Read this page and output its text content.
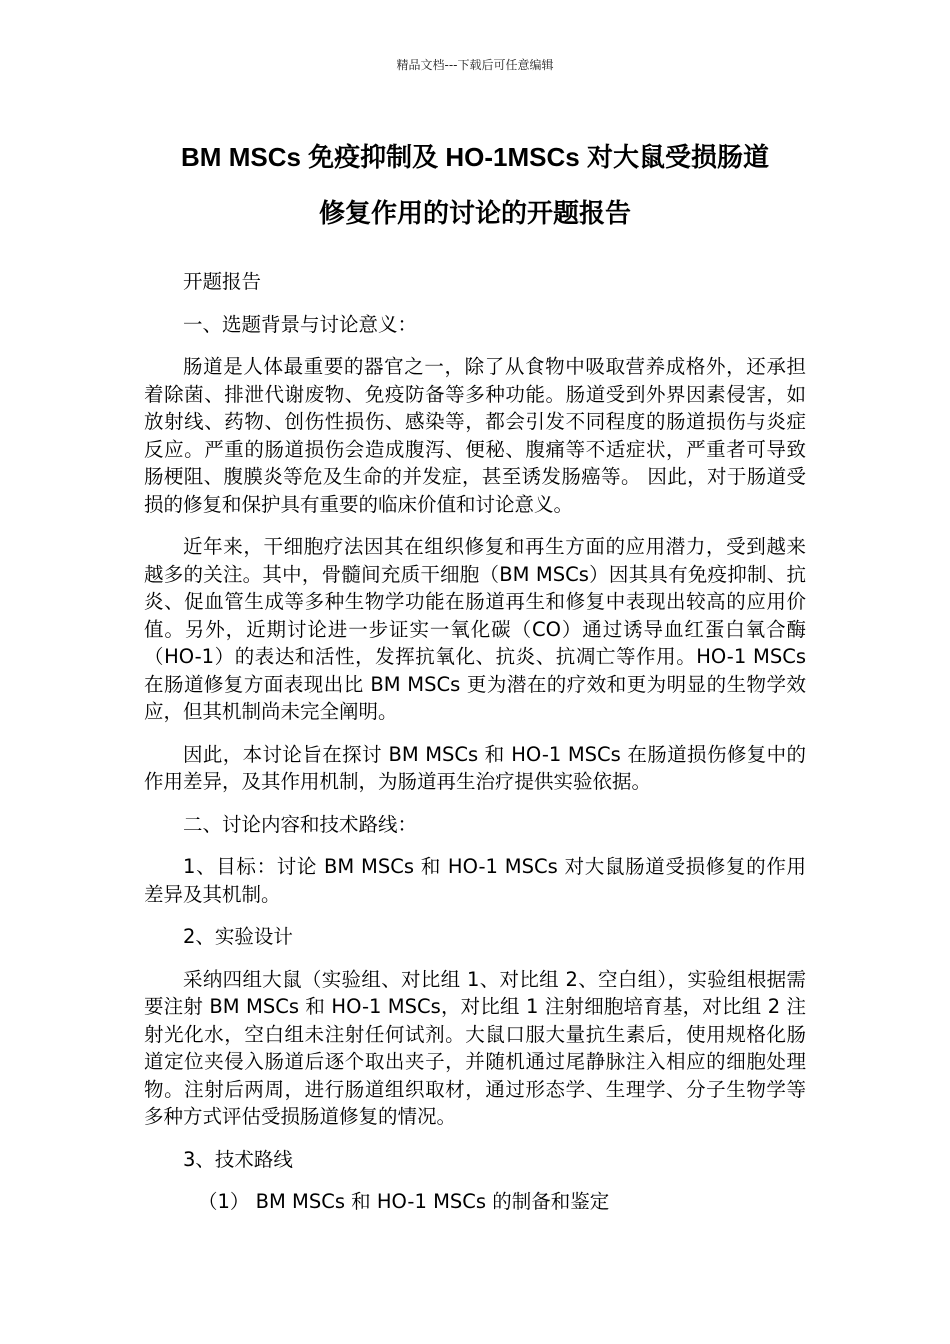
精品文档---下载后可任意编辑
BM MSCs 免疫抑制及 HO-1MSCs 对大鼠受损肠道
修复作用的讨论的开题报告

开题报告

一、选题背景与讨论意义：

肠道是人体最重要的器官之一，除了从食物中吸取营养成格外，还承担着除菌、排泄代谢废物、免疫防备等多种功能。肠道受到外界因素侵害，如放射线、药物、创伤性损伤、感染等，都会引发不同程度的肠道损伤与炎症反应。严重的肠道损伤会造成腹泻、便秘、腹痛等不适症状，严重者可导致肠梗阻、腹膜炎等危及生命的并发症，甚至诱发肠癌等。 因此，对于肠道受损的修复和保护具有重要的临床价值和讨论意义。

近年来，干细胞疗法因其在组织修复和再生方面的应用潜力，受到越来越多的关注。其中，骨髓间充质干细胞（BM MSCs）因其具有免疫抑制、抗炎、促血管生成等多种生物学功能在肠道再生和修复中表现出较高的应用价值。另外，近期讨论进一步证实一氧化碳（CO）通过诱导血红蛋白氧合酶（HO-1）的表达和活性，发挥抗氧化、抗炎、抗凋亡等作用。HO-1 MSCs 在肠道修复方面表现出比 BM MSCs 更为潜在的疗效和更为明显的生物学效应，但其机制尚未完全阐明。

因此，本讨论旨在探讨 BM MSCs 和 HO-1 MSCs 在肠道损伤修复中的作用差异，及其作用机制，为肠道再生治疗提供实验依据。

二、讨论内容和技术路线：

1、目标：讨论 BM MSCs 和 HO-1 MSCs 对大鼠肠道受损修复的作用差异及其机制。

2、实验设计

采纳四组大鼠（实验组、对比组 1、对比组 2、空白组），实验组根据需要注射 BM MSCs 和 HO-1 MSCs，对比组 1 注射细胞培育基，对比组 2 注射光化水，空白组未注射任何试剂。大鼠口服大量抗生素后，使用规格化肠道定位夹侵入肠道后逐个取出夹子，并随机通过尾静脉注入相应的细胞处理物。注射后两周，进行肠道组织取材，通过形态学、生理学、分子生物学等多种方式评估受损肠道修复的情况。

3、技术路线

（1） BM MSCs 和 HO-1 MSCs 的制备和鉴定
